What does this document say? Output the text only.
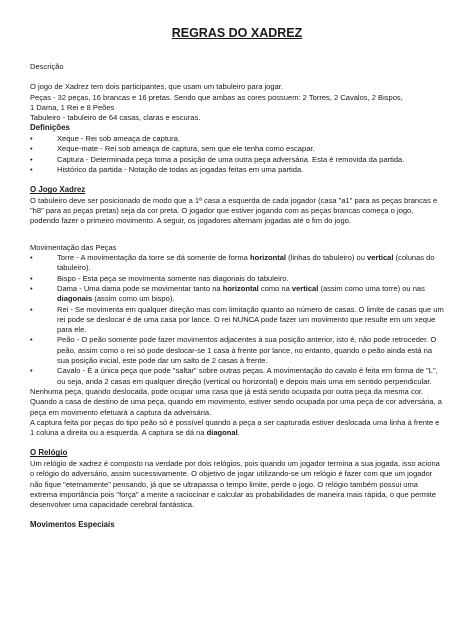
REGRAS DO XADREZ
Descrição
O jogo de Xadrez tem dois participantes, que usam um tabuleiro para jogar.
Peças - 32 peças, 16 brancas e 16 pretas. Sendo que ambas as cores possuem: 2 Torres, 2 Cavalos, 2 Bispos,
1 Dama, 1 Rei e 8 Peões
Tabuleiro - tabuleiro de 64 casas, claras e escuras.
Definições
•	Xeque - Rei sob ameaça de captura.
•	Xeque-mate - Rei sob ameaça de captura, sem que ele tenha como escapar.
•	Captura - Determinada peça toma a posição de uma outra peça adversária. Esta é removida da partida.
•	Histórico da partida - Notação de todas as jogadas feitas em uma partida.
O Jogo Xadrez
O tabuleiro deve ser posicionado de modo que a 1ª casa a esquerda de cada jogador (casa "a1" para as peças brancas e "h8" para as peças pretas) seja da cor preta. O jogador que estiver jogando com as peças brancas começa o jogo, podendo fazer o primeiro movimento. A seguir, os jogadores alternam jogadas até o fim do jogo.
Movimentação das Peças
•	Torre - A movimentação da torre se dá somente de forma horizontal (linhas do tabuleiro) ou vertical (colunas do tabuleiro).
•	Bispo - Esta peça se movimenta somente nas diagonais do tabuleiro.
•	Dama - Uma dama pode se movimentar tanto na horizontal como na vertical (assim como uma torre) ou nas diagonais (assim como um bispo).
•	Rei - Se movimenta em qualquer direção mas com limitação quanto ao número de casas. O limite de casas que um rei pode se deslocar é de uma casa por lance. O rei NUNCA pode fazer um movimento que resulte em um xeque para ele.
•	Peão - O peão somente pode fazer movimentos adjacentes à sua posição anterior, isto é, não pode retroceder. O peão, assim como o rei só pode deslocar-se 1 casa à frente por lance, no entanto, quando o peão ainda está na sua posição inicial, este pode dar um salto de 2 casas à frente.
•	Cavalo - É a única peça que pode "saltar" sobre outras peças. A movimentação do cavalo é feita em forma de "L", ou seja, anda 2 casas em qualquer direção (vertical ou horizontal) e depois mais uma em sentido perpendicular.
Nenhuma peça, quando deslocada, pode ocupar uma casa que já está sendo ocupada por outra peça da mesma cor.
Quando a casa de destino de uma peça, quando em movimento, estiver sendo ocupada por uma peça de cor adversária, a peça em movimento efetuará a captura da adversária.
A captura feita por peças do tipo peão só é possível quando a peça a ser capturada estiver deslocada uma linha à frente e 1 coluna a direita ou a esquerda. A captura se dá na diagonal.
O Relógio
Um relógio de xadrez é composto na verdade por dois relógios, pois quando um jogador termina a sua jogada, isso aciona o relógio do adversário, assim sucessivamente. O objetivo de jogar utilizando-se um relógio é fazer com que um jogador não fique "eternamente" pensando, já que se ultrapassa o tempo limite, perde o jogo. O relógio também possui uma extrema importância pois "força" a mente a raciocinar e calcular as probabilidades de maneira mais rápida, o que permite desenvolver uma capacidade cerebral fantástica.
Movimentos Especiais
